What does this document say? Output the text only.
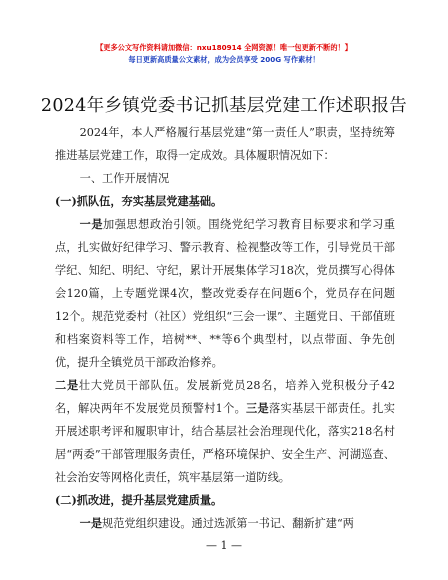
【更多公文写作资料请加微信：nxu180914 全网资源！唯一包更新不断的！】
每日更新高质量公文素材，成为会员享受 200G 写作素材！
2024年乡镇党委书记抓基层党建工作述职报告

2024年，本人严格履行基层党建“第一责任人”职责，坚持统筹推进基层党建工作，取得一定成效。具体履职情况如下：

一、工作开展情况

(一)抓队伍，夯实基层党建基础。

一是加强思想政治引领。围绕党纪学习教育目标要求和学习重点，扎实做好纪律学习、警示教育、检视整改等工作，引导党员干部学纪、知纪、明纪、守纪，累计开展集体学习18次，党员撰写心得体会120篇，上专题党课4次，整改党委存在问题6个，党员存在问题12个。规范党委村（社区）党组织“三会一课”、主题党日、干部值班和档案资料等工作，培树**、**等6个典型村，以点带面、争先创优，提升全镇党员干部政治修养。

二是壮大党员干部队伍。发展新党员28名，培养入党积极分子42名，解决两年不发展党员预警村1个。三是落实基层干部责任。扎实开展述职考评和履职审计，结合基层社会治理现代化，落实218名村居“两委”干部管理服务责任，严格环境保护、安全生产、河湖巡查、社会治安等网格化责任，筑牢基层第一道防线。

(二)抓改进，提升基层党建质量。

一是规范党组织建设。通过选派第一书记、翻新扩建“两

— 1 —
